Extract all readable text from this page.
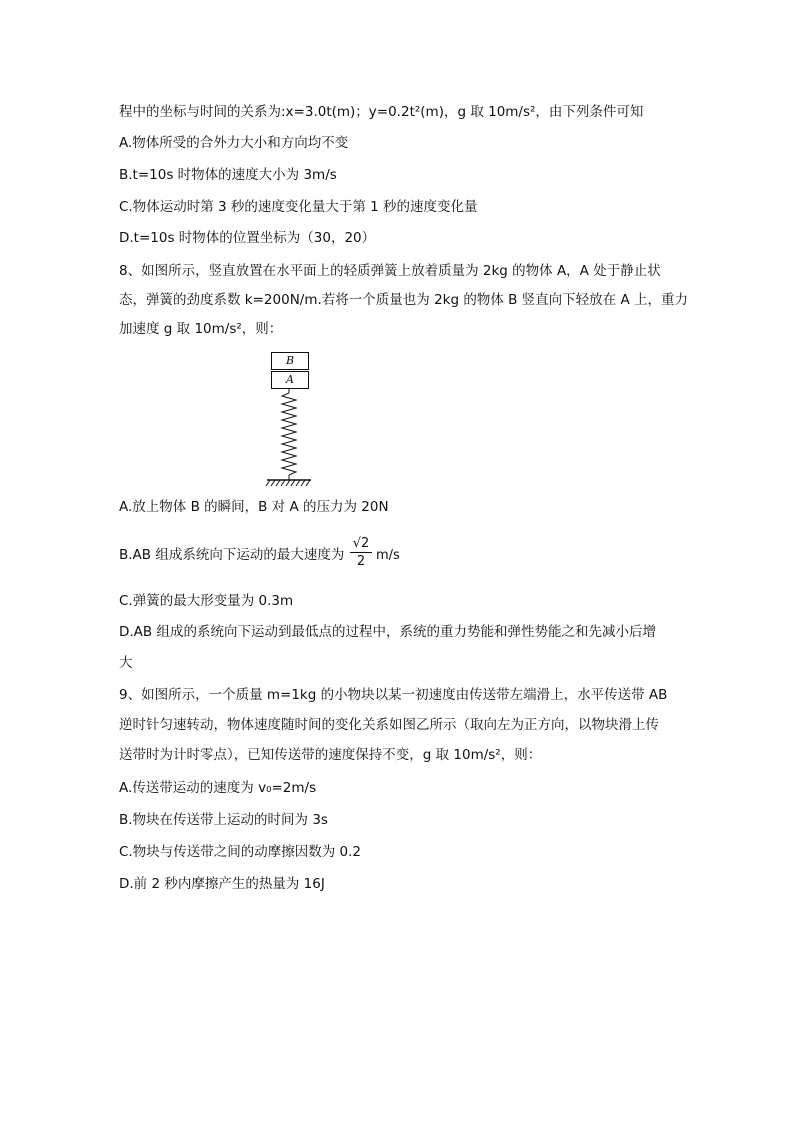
程中的坐标与时间的关系为:x=3.0t(m)；y=0.2t²(m)，g 取 10m/s²，由下列条件可知
A.物体所受的合外力大小和方向均不变
B.t=10s 时物体的速度大小为 3m/s
C.物体运动时第 3 秒的速度变化量大于第 1 秒的速度变化量
D.t=10s 时物体的位置坐标为（30，20）
8、如图所示，竖直放置在水平面上的轻质弹簧上放着质量为 2kg 的物体 A，A 处于静止状
态，弹簧的劲度系数 k=200N/m.若将一个质量也为 2kg 的物体 B 竖直向下轻放在 A 上，重力
加速度 g 取 10m/s²，则：
B
A
A.放上物体 B 的瞬间，B 对 A 的压力为 20N
B.AB 组成系统向下运动的最大速度为 $\frac{√2}{2} m/s$
C.弹簧的最大形变量为 0.3m
D.AB 组成的系统向下运动到最低点的过程中，系统的重力势能和弹性势能之和先减小后增
大
9、如图所示，一个质量 m=1kg 的小物块以某一初速度由传送带左端滑上，水平传送带 AB
逆时针匀速转动，物体速度随时间的变化关系如图乙所示（取向左为正方向，以物块滑上传
送带时为计时零点），已知传送带的速度保持不变，g 取 10m/s²，则：
A.传送带运动的速度为 v₀=2m/s
B.物块在传送带上运动的时间为 3s
C.物块与传送带之间的动摩擦因数为 0.2
D.前 2 秒内摩擦产生的热量为 16J
